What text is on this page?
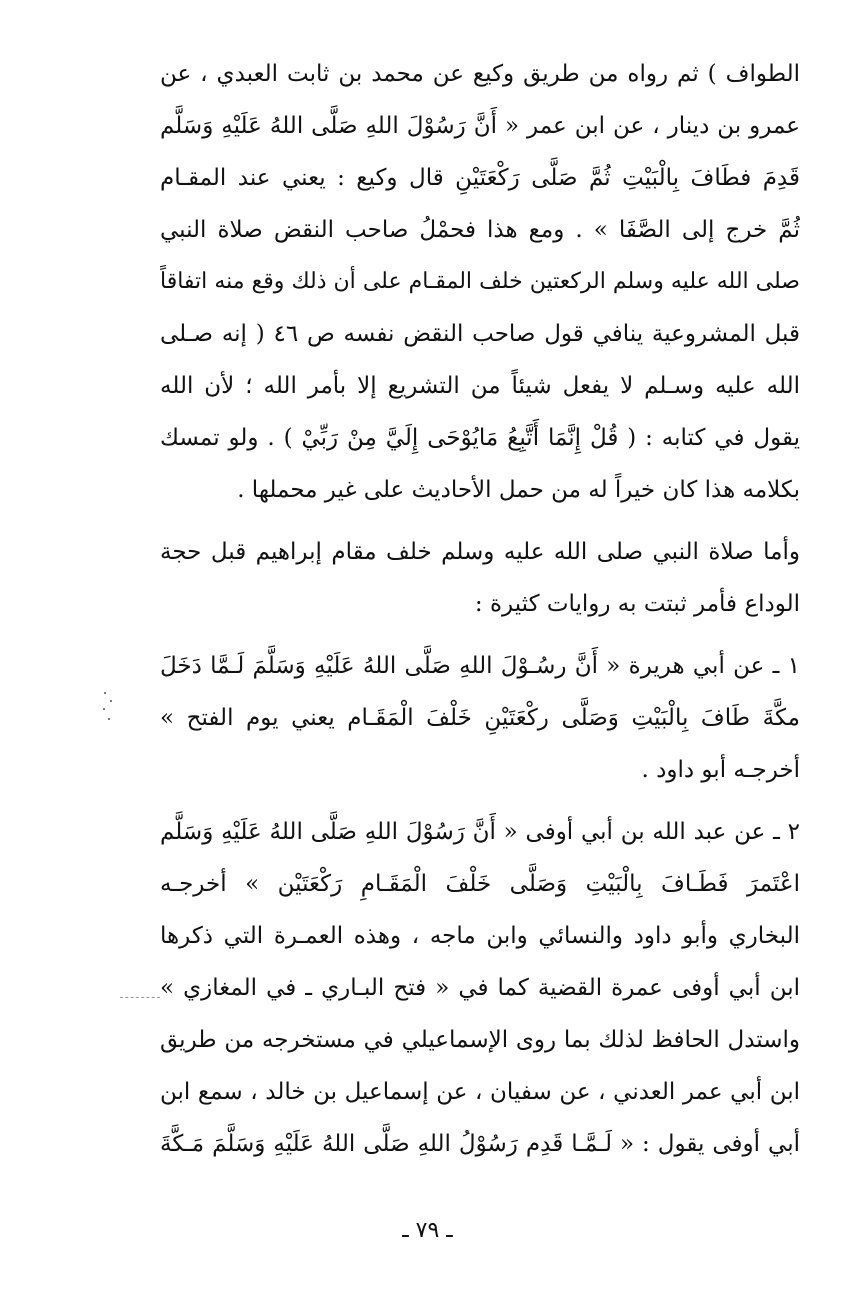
الطواف ) ثم رواه من طريق وكيع عن محمد بن ثابت العبدي ، عن
عمرو بن دينار ، عن ابن عمر « أَنَّ رَسُوْلَ اللهِ صَلَّى اللهُ عَلَيْهِ وَسَلَّم
قَدِمَ فطَافَ بِالْبَيْتِ ثُمَّ صَلَّى رَكْعَتَيْنِ قال وكيع : يعني عند المقـام
ثُمَّ خرج إلى الصَّفَا » . ومع هذا فحمْلُ صاحب النقض صلاة النبي
صلى الله عليه وسلم الركعتين خلف المقـام على أن ذلك وقع منه اتفاقاً
قبل المشروعية ينافي قول صاحب النقض نفسه ص ٤٦ ( إنه صـلى
الله عليه وسـلم لا يفعل شيئاً من التشريع إلا بأمر الله ؛ لأن الله
يقول في كتابه : ( قُلْ إِنَّمَا أَتَّبِعُ مَايُوْحَى إِلَيَّ مِنْ رَبِّيْ ) . ولو تمسك
بكلامه هذا كان خيراً له من حمل الأحاديث على غير محملها .
وأما صلاة النبي صلى الله عليه وسلم خلف مقام إبراهيم قبل حجة
الوداع فأمر ثبتت به روايات كثيرة :
١ ـ عن أبي هريرة « أَنَّ رسُـوْلَ اللهِ صَلَّى اللهُ عَلَيْهِ وَسَلَّمَ لَـمَّا دَخَلَ
مكَّةَ طَافَ بِالْبَيْتِ وَصَلَّى ركْعَتَيْنِ خَلْفَ الْمَقَـام يعني يوم الفتح »
أخرجـه أبو داود .
٢ ـ عن عبد الله بن أبي أوفى « أَنَّ رَسُوْلَ اللهِ صَلَّى اللهُ عَلَيْهِ وَسَلَّم
اعْتَمرَ فَطَـافَ بِالْبَيْتِ وَصَلَّى خَلْفَ الْمَقَـامِ رَكْعَتَيْن » أخرجـه
البخاري وأبو داود والنسائي وابن ماجه ، وهذه العمـرة التي ذكرها
ابن أبي أوفى عمرة القضية كما في « فتح البـاري ـ في المغازي »
واستدل الحافظ لذلك بما روى الإسماعيلي في مستخرجه من طريق
ابن أبي عمر العدني ، عن سفيان ، عن إسماعيل بن خالد ، سمع ابن
أبي أوفى يقول : « لَـمَّـا قَدِم رَسُوْلُ اللهِ صَلَّى اللهُ عَلَيْهِ وَسَلَّمَ مَـكَّةَ
ـ ٧٩ ـ
